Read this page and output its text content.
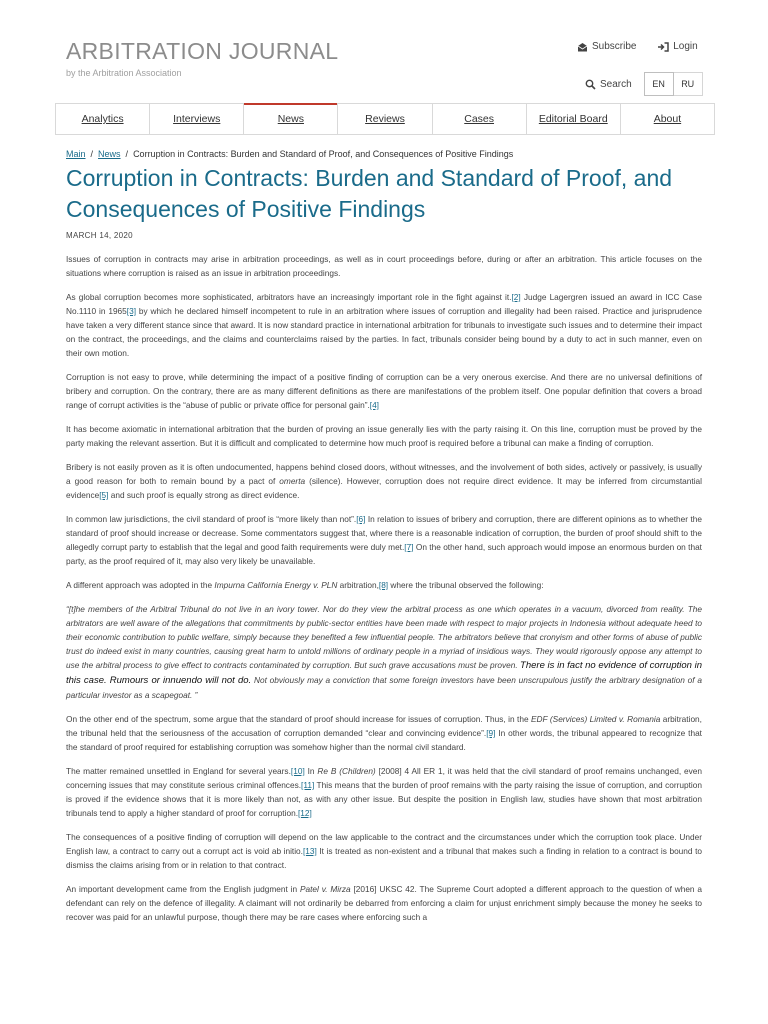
ARBITRATION JOURNAL
by the Arbitration Association
Subscribe
	Login
Search	EN	RU
Analytics	Interviews	News	Reviews	Cases	Editorial Board	About
Main / News / Corruption in Contracts: Burden and Standard of Proof, and Consequences of Positive Findings
Corruption in Contracts: Burden and Standard of Proof, and Consequences of Positive Findings
MARCH 14, 2020

Issues of corruption in contracts may arise in arbitration proceedings, as well as in court proceedings before, during or after an arbitration. This article focuses on the situations where corruption is raised as an issue in arbitration proceedings.

As global corruption becomes more sophisticated, arbitrators have an increasingly important role in the fight against it.[2] Judge Lagergren issued an award in ICC Case No.1110 in 1965[3] by which he declared himself incompetent to rule in an arbitration where issues of corruption and illegality had been raised. Practice and jurisprudence have taken a very different stance since that award. It is now standard practice in international arbitration for tribunals to investigate such issues and to determine their impact on the contract, the proceedings, and the claims and counterclaims raised by the parties. In fact, tribunals consider being bound by a duty to act in such manner, even on their own motion.

Corruption is not easy to prove, while determining the impact of a positive finding of corruption can be a very onerous exercise. And there are no universal definitions of bribery and corruption. On the contrary, there are as many different definitions as there are manifestations of the problem itself. One popular definition that covers a broad range of corrupt activities is the “abuse of public or private office for personal gain”.[4]

It has become axiomatic in international arbitration that the burden of proving an issue generally lies with the party raising it. On this line, corruption must be proved by the party making the relevant assertion. But it is difficult and complicated to determine how much proof is required before a tribunal can make a finding of corruption.

Bribery is not easily proven as it is often undocumented, happens behind closed doors, without witnesses, and the involvement of both sides, actively or passively, is usually a good reason for both to remain bound by a pact of omerta (silence). However, corruption does not require direct evidence. It may be inferred from circumstantial evidence[5] and such proof is equally strong as direct evidence.

In common law jurisdictions, the civil standard of proof is “more likely than not”.[6] In relation to issues of bribery and corruption, there are different opinions as to whether the standard of proof should increase or decrease. Some commentators suggest that, where there is a reasonable indication of corruption, the burden of proof should shift to the allegedly corrupt party to establish that the legal and good faith requirements were duly met.[7] On the other hand, such approach would impose an enormous burden on that party, as the proof required of it, may also very likely be unavailable.

A different approach was adopted in the Impurna California Energy v. PLN arbitration,[8] where the tribunal observed the following:

“[t]he members of the Arbitral Tribunal do not live in an ivory tower. Nor do they view the arbitral process as one which operates in a vacuum, divorced from reality. The arbitrators are well aware of the allegations that commitments by public-sector entities have been made with respect to major projects in Indonesia without adequate heed to their economic contribution to public welfare, simply because they benefited a few influential people. The arbitrators believe that cronyism and other forms of abuse of public trust do indeed exist in many countries, causing great harm to untold millions of ordinary people in a myriad of insidious ways. They would rigorously oppose any attempt to use the arbitral process to give effect to contracts contaminated by corruption. But such grave accusations must be proven. There is in fact no evidence of corruption in this case. Rumours or innuendo will not do. Not obviously may a conviction that some foreign investors have been unscrupulous justify the arbitrary designation of a particular investor as a scapegoat. ”

On the other end of the spectrum, some argue that the standard of proof should increase for issues of corruption. Thus, in the EDF (Services) Limited v. Romania arbitration, the tribunal held that the seriousness of the accusation of corruption demanded “clear and convincing evidence”.[9] In other words, the tribunal appeared to recognize that the standard of proof required for establishing corruption was somehow higher than the normal civil standard.

The matter remained unsettled in England for several years.[10] In Re B (Children) [2008] 4 All ER 1, it was held that the civil standard of proof remains unchanged, even concerning issues that may constitute serious criminal offences.[11] This means that the burden of proof remains with the party raising the issue of corruption, and corruption is proved if the evidence shows that it is more likely than not, as with any other issue. But despite the position in English law, studies have shown that most arbitration tribunals tend to apply a higher standard of proof for corruption.[12]

The consequences of a positive finding of corruption will depend on the law applicable to the contract and the circumstances under which the corruption took place. Under English law, a contract to carry out a corrupt act is void ab initio.[13] It is treated as non-existent and a tribunal that makes such a finding in relation to a contract is bound to dismiss the claims arising from or in relation to that contract.

An important development came from the English judgment in Patel v. Mirza [2016] UKSC 42. The Supreme Court adopted a different approach to the question of when a defendant can rely on the defence of illegality. A claimant will not ordinarily be debarred from enforcing a claim for unjust enrichment simply because the money he seeks to recover was paid for an unlawful purpose, though there may be rare cases where enforcing such a
